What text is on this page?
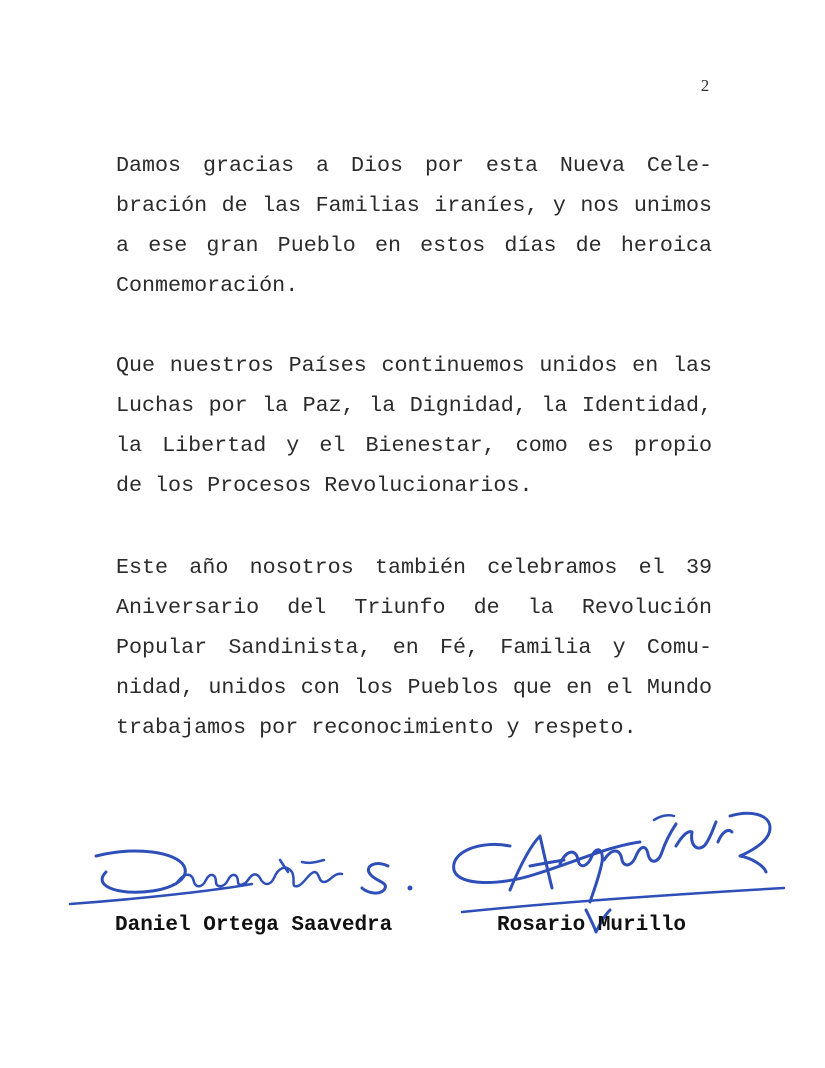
2
Damos gracias a Dios por esta Nueva Cele-
bración de las Familias iraníes, y nos unimos
a ese gran Pueblo en estos días de heroica
Conmemoración.
Que nuestros Países continuemos unidos en las
Luchas por la Paz, la Dignidad, la Identidad,
la Libertad y el Bienestar, como es propio
de los Procesos Revolucionarios.
Este año nosotros también celebramos el 39
Aniversario del Triunfo de la Revolución
Popular Sandinista, en Fé, Familia y Comu-
nidad, unidos con los Pueblos que en el Mundo
trabajamos por reconocimiento y respeto.
Daniel Ortega Saavedra	Rosario Murillo
